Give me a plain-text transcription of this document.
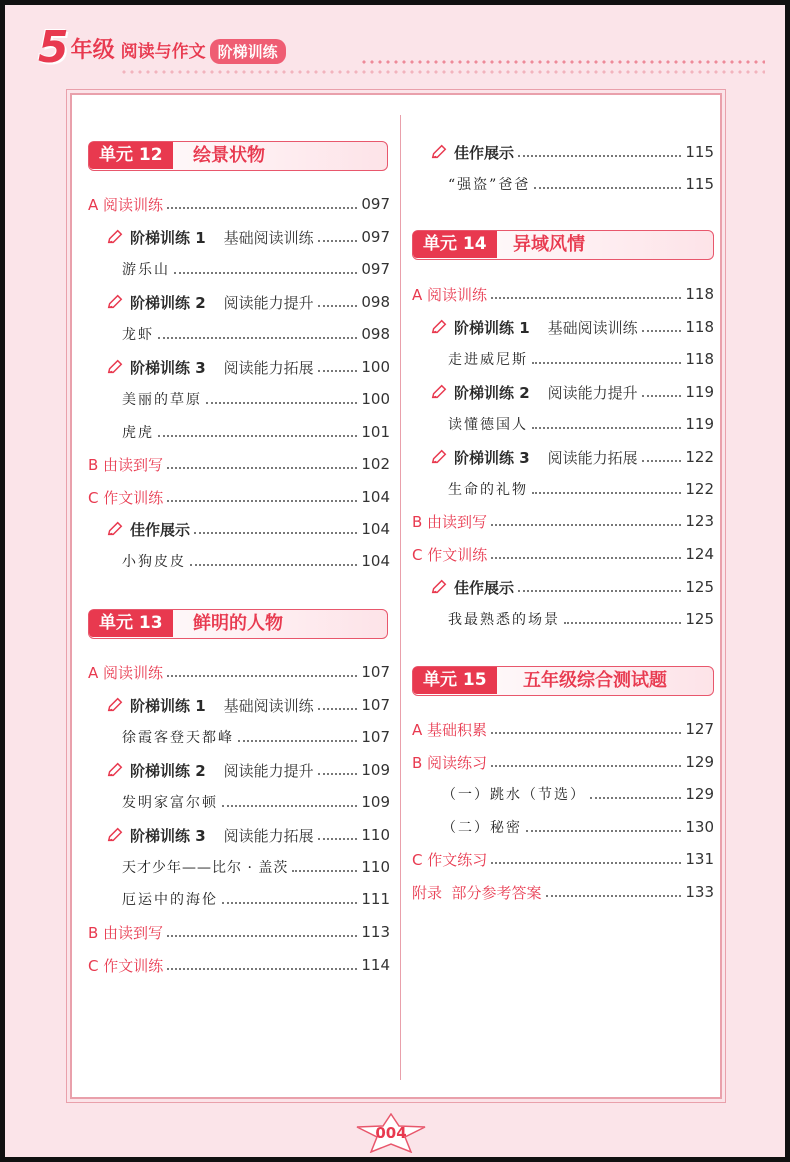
5 年级 阅读与作文 阶梯训练
单元 12	绘景状物
A 阅读训练	097
阶梯训练 1 基础阅读训练	097
游乐山	097
阶梯训练 2 阅读能力提升	098
龙虾	098
阶梯训练 3 阅读能力拓展	100
美丽的草原	100
虎虎	101
B 由读到写	102
C 作文训练	104
佳作展示	104
小狗皮皮	104
单元 13	鲜明的人物
A 阅读训练	107
阶梯训练 1 基础阅读训练	107
徐霞客登天都峰	107
阶梯训练 2 阅读能力提升	109
发明家富尔顿	109
阶梯训练 3 阅读能力拓展	110
天才少年——比尔 · 盖茨	110
厄运中的海伦	111
B 由读到写	113
C 作文训练	114
佳作展示	115
“强盗”爸爸	115
单元 14	异域风情
A 阅读训练	118
阶梯训练 1 基础阅读训练	118
走进威尼斯	118
阶梯训练 2 阅读能力提升	119
读懂德国人	119
阶梯训练 3 阅读能力拓展	122
生命的礼物	122
B 由读到写	123
C 作文训练	124
佳作展示	125
我最熟悉的场景	125
单元 15	五年级综合测试题
A 基础积累	127
B 阅读练习	129
（一）跳水（节选）	129
（二）秘密	130
C 作文练习	131
附录  部分参考答案	133
004
